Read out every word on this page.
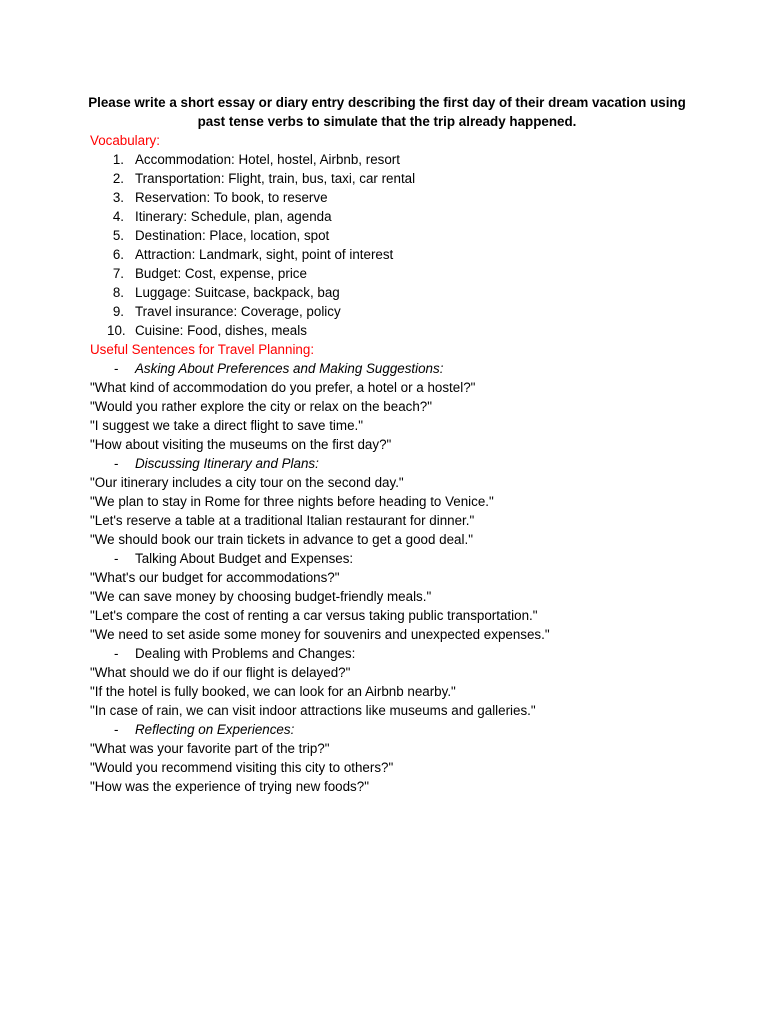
Please write a short essay or diary entry describing the first day of their dream vacation using
past tense verbs to simulate that the trip already happened.
Vocabulary:
1. Accommodation: Hotel, hostel, Airbnb, resort
2. Transportation: Flight, train, bus, taxi, car rental
3. Reservation: To book, to reserve
4. Itinerary: Schedule, plan, agenda
5. Destination: Place, location, spot
6. Attraction: Landmark, sight, point of interest
7. Budget: Cost, expense, price
8. Luggage: Suitcase, backpack, bag
9. Travel insurance: Coverage, policy
10. Cuisine: Food, dishes, meals
Useful Sentences for Travel Planning:
- Asking About Preferences and Making Suggestions:
"What kind of accommodation do you prefer, a hotel or a hostel?"
"Would you rather explore the city or relax on the beach?"
"I suggest we take a direct flight to save time."
"How about visiting the museums on the first day?"
- Discussing Itinerary and Plans:
"Our itinerary includes a city tour on the second day."
"We plan to stay in Rome for three nights before heading to Venice."
"Let's reserve a table at a traditional Italian restaurant for dinner."
"We should book our train tickets in advance to get a good deal."
- Talking About Budget and Expenses:
"What's our budget for accommodations?"
"We can save money by choosing budget-friendly meals."
"Let's compare the cost of renting a car versus taking public transportation."
"We need to set aside some money for souvenirs and unexpected expenses."
- Dealing with Problems and Changes:
"What should we do if our flight is delayed?"
"If the hotel is fully booked, we can look for an Airbnb nearby."
"In case of rain, we can visit indoor attractions like museums and galleries."
- Reflecting on Experiences:
"What was your favorite part of the trip?"
"Would you recommend visiting this city to others?"
"How was the experience of trying new foods?"
